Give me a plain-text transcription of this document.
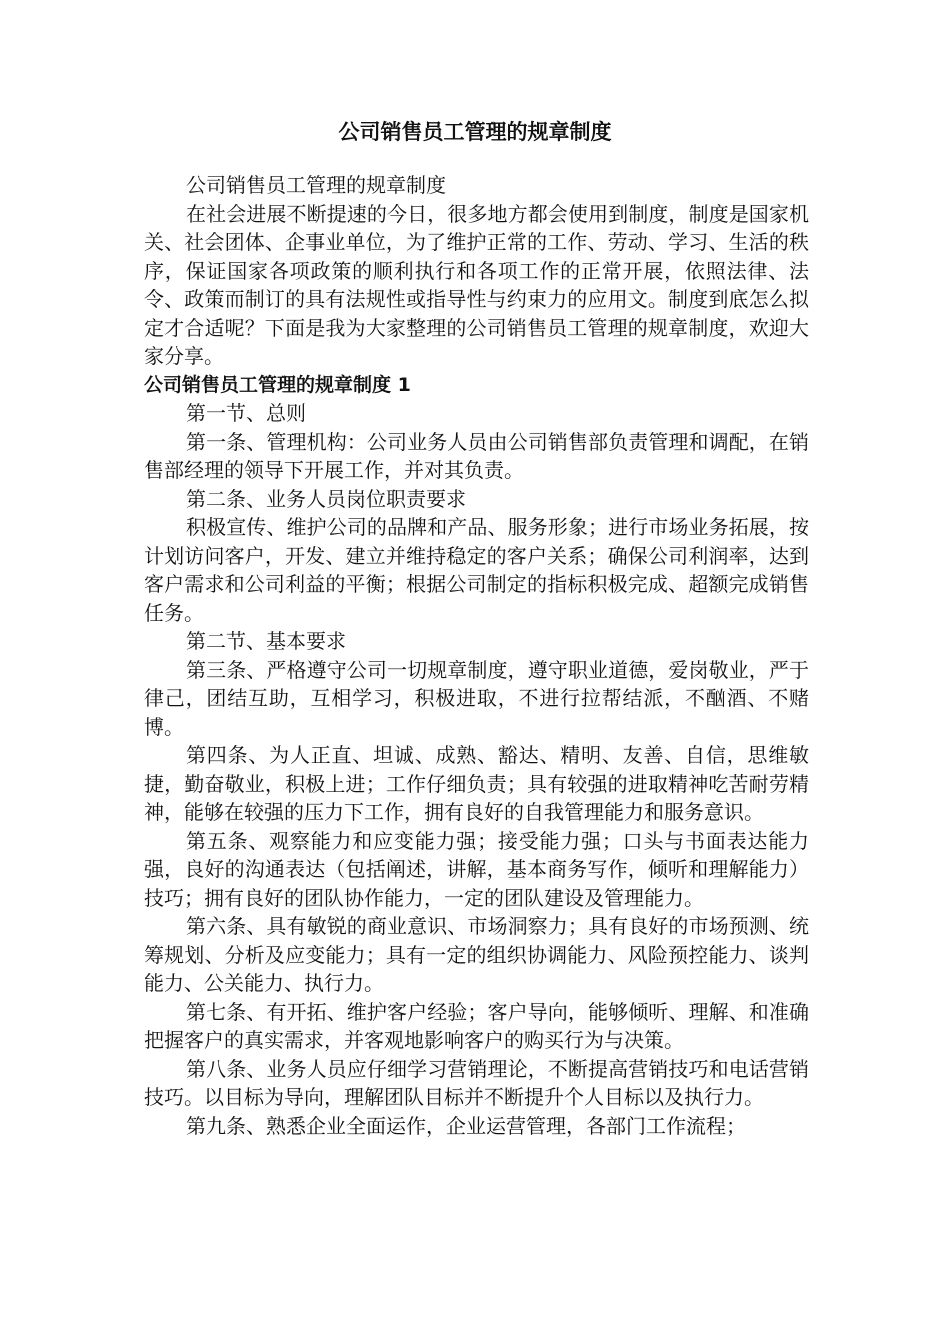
公司销售员工管理的规章制度

公司销售员工管理的规章制度

在社会进展不断提速的今日，很多地方都会使用到制度，制度是国家机关、社会团体、企事业单位，为了维护正常的工作、劳动、学习、生活的秩序，保证国家各项政策的顺利执行和各项工作的正常开展，依照法律、法令、政策而制订的具有法规性或指导性与约束力的应用文。制度到底怎么拟定才合适呢？下面是我为大家整理的公司销售员工管理的规章制度，欢迎大家分享。

公司销售员工管理的规章制度 1

第一节、总则

第一条、管理机构：公司业务人员由公司销售部负责管理和调配，在销售部经理的领导下开展工作，并对其负责。

第二条、业务人员岗位职责要求

积极宣传、维护公司的品牌和产品、服务形象；进行市场业务拓展，按计划访问客户，开发、建立并维持稳定的客户关系；确保公司利润率，达到客户需求和公司利益的平衡；根据公司制定的指标积极完成、超额完成销售任务。

第二节、基本要求

第三条、严格遵守公司一切规章制度，遵守职业道德，爱岗敬业，严于律己，团结互助，互相学习，积极进取，不进行拉帮结派，不酗酒、不赌博。

第四条、为人正直、坦诚、成熟、豁达、精明、友善、自信，思维敏捷，勤奋敬业，积极上进；工作仔细负责；具有较强的进取精神吃苦耐劳精神，能够在较强的压力下工作，拥有良好的自我管理能力和服务意识。

第五条、观察能力和应变能力强；接受能力强；口头与书面表达能力强，良好的沟通表达（包括阐述，讲解，基本商务写作，倾听和理解能力）技巧；拥有良好的团队协作能力，一定的团队建设及管理能力。

第六条、具有敏锐的商业意识、市场洞察力；具有良好的市场预测、统筹规划、分析及应变能力；具有一定的组织协调能力、风险预控能力、谈判能力、公关能力、执行力。

第七条、有开拓、维护客户经验；客户导向，能够倾听、理解、和准确把握客户的真实需求，并客观地影响客户的购买行为与决策。

第八条、业务人员应仔细学习营销理论，不断提高营销技巧和电话营销技巧。以目标为导向，理解团队目标并不断提升个人目标以及执行力。

第九条、熟悉企业全面运作，企业运营管理，各部门工作流程；
